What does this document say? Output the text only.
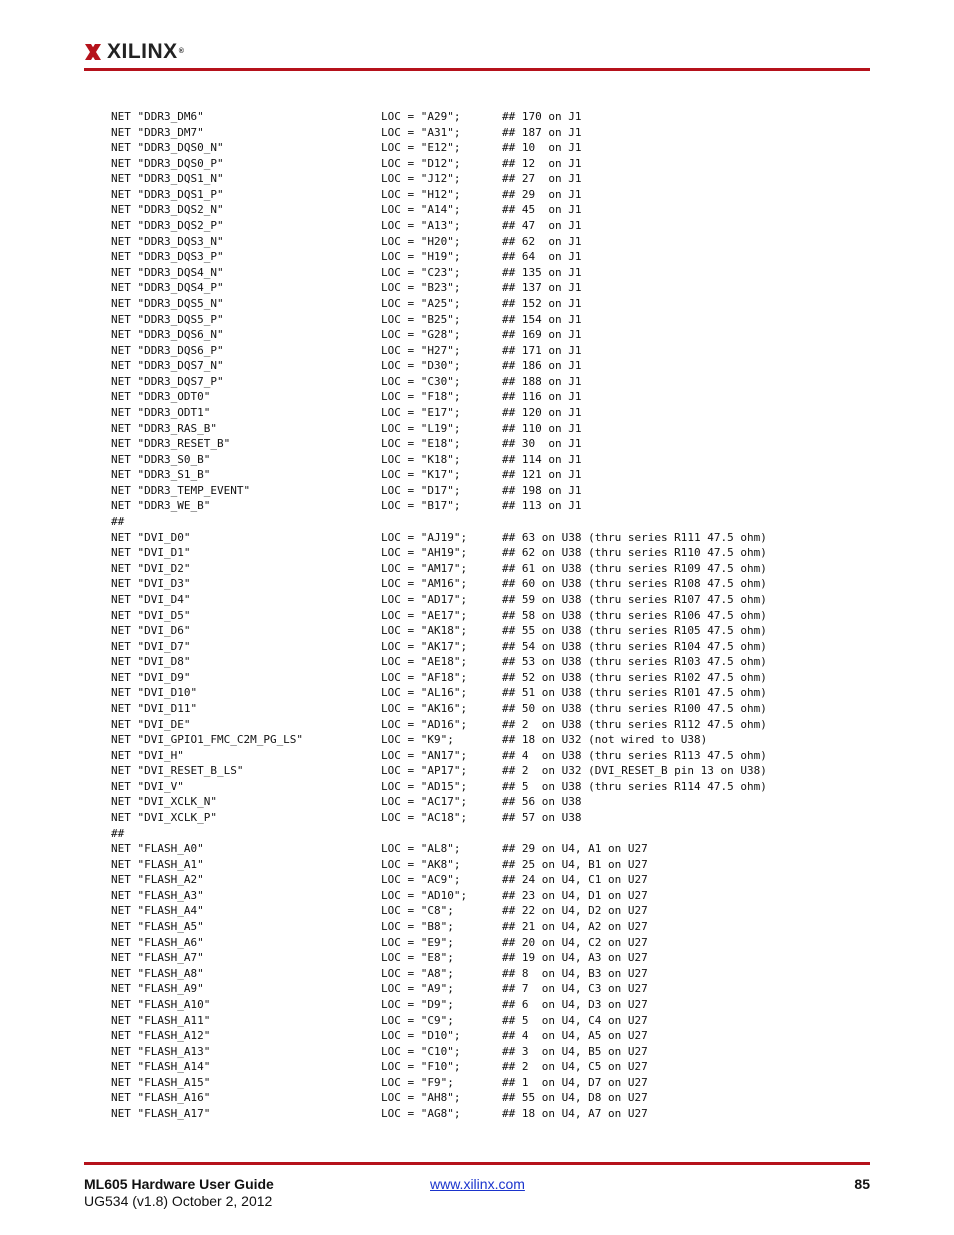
XILINX®
NET "DDR3_DM6"	LOC = "A29";	## 170 on J1
NET "DDR3_DM7"	LOC = "A31";	## 187 on J1
NET "DDR3_DQS0_N"	LOC = "E12";	## 10  on J1
NET "DDR3_DQS0_P"	LOC = "D12";	## 12  on J1
NET "DDR3_DQS1_N"	LOC = "J12";	## 27  on J1
NET "DDR3_DQS1_P"	LOC = "H12";	## 29  on J1
NET "DDR3_DQS2_N"	LOC = "A14";	## 45  on J1
NET "DDR3_DQS2_P"	LOC = "A13";	## 47  on J1
NET "DDR3_DQS3_N"	LOC = "H20";	## 62  on J1
NET "DDR3_DQS3_P"	LOC = "H19";	## 64  on J1
NET "DDR3_DQS4_N"	LOC = "C23";	## 135 on J1
NET "DDR3_DQS4_P"	LOC = "B23";	## 137 on J1
NET "DDR3_DQS5_N"	LOC = "A25";	## 152 on J1
NET "DDR3_DQS5_P"	LOC = "B25";	## 154 on J1
NET "DDR3_DQS6_N"	LOC = "G28";	## 169 on J1
NET "DDR3_DQS6_P"	LOC = "H27";	## 171 on J1
NET "DDR3_DQS7_N"	LOC = "D30";	## 186 on J1
NET "DDR3_DQS7_P"	LOC = "C30";	## 188 on J1
NET "DDR3_ODT0"	LOC = "F18";	## 116 on J1
NET "DDR3_ODT1"	LOC = "E17";	## 120 on J1
NET "DDR3_RAS_B"	LOC = "L19";	## 110 on J1
NET "DDR3_RESET_B"	LOC = "E18";	## 30  on J1
NET "DDR3_S0_B"	LOC = "K18";	## 114 on J1
NET "DDR3_S1_B"	LOC = "K17";	## 121 on J1
NET "DDR3_TEMP_EVENT"	LOC = "D17";	## 198 on J1
NET "DDR3_WE_B"	LOC = "B17";	## 113 on J1
##
NET "DVI_D0"	LOC = "AJ19";	## 63 on U38 (thru series R111 47.5 ohm)
NET "DVI_D1"	LOC = "AH19";	## 62 on U38 (thru series R110 47.5 ohm)
NET "DVI_D2"	LOC = "AM17";	## 61 on U38 (thru series R109 47.5 ohm)
NET "DVI_D3"	LOC = "AM16";	## 60 on U38 (thru series R108 47.5 ohm)
NET "DVI_D4"	LOC = "AD17";	## 59 on U38 (thru series R107 47.5 ohm)
NET "DVI_D5"	LOC = "AE17";	## 58 on U38 (thru series R106 47.5 ohm)
NET "DVI_D6"	LOC = "AK18";	## 55 on U38 (thru series R105 47.5 ohm)
NET "DVI_D7"	LOC = "AK17";	## 54 on U38 (thru series R104 47.5 ohm)
NET "DVI_D8"	LOC = "AE18";	## 53 on U38 (thru series R103 47.5 ohm)
NET "DVI_D9"	LOC = "AF18";	## 52 on U38 (thru series R102 47.5 ohm)
NET "DVI_D10"	LOC = "AL16";	## 51 on U38 (thru series R101 47.5 ohm)
NET "DVI_D11"	LOC = "AK16";	## 50 on U38 (thru series R100 47.5 ohm)
NET "DVI_DE"	LOC = "AD16";	## 2  on U38 (thru series R112 47.5 ohm)
NET "DVI_GPIO1_FMC_C2M_PG_LS"	LOC = "K9";	## 18 on U32 (not wired to U38)
NET "DVI_H"	LOC = "AN17";	## 4  on U38 (thru series R113 47.5 ohm)
NET "DVI_RESET_B_LS"	LOC = "AP17";	## 2  on U32 (DVI_RESET_B pin 13 on U38)
NET "DVI_V"	LOC = "AD15";	## 5  on U38 (thru series R114 47.5 ohm)
NET "DVI_XCLK_N"	LOC = "AC17";	## 56 on U38
NET "DVI_XCLK_P"	LOC = "AC18";	## 57 on U38
##
NET "FLASH_A0"	LOC = "AL8";	## 29 on U4, A1 on U27
NET "FLASH_A1"	LOC = "AK8";	## 25 on U4, B1 on U27
NET "FLASH_A2"	LOC = "AC9";	## 24 on U4, C1 on U27
NET "FLASH_A3"	LOC = "AD10";	## 23 on U4, D1 on U27
NET "FLASH_A4"	LOC = "C8";	## 22 on U4, D2 on U27
NET "FLASH_A5"	LOC = "B8";	## 21 on U4, A2 on U27
NET "FLASH_A6"	LOC = "E9";	## 20 on U4, C2 on U27
NET "FLASH_A7"	LOC = "E8";	## 19 on U4, A3 on U27
NET "FLASH_A8"	LOC = "A8";	## 8  on U4, B3 on U27
NET "FLASH_A9"	LOC = "A9";	## 7  on U4, C3 on U27
NET "FLASH_A10"	LOC = "D9";	## 6  on U4, D3 on U27
NET "FLASH_A11"	LOC = "C9";	## 5  on U4, C4 on U27
NET "FLASH_A12"	LOC = "D10";	## 4  on U4, A5 on U27
NET "FLASH_A13"	LOC = "C10";	## 3  on U4, B5 on U27
NET "FLASH_A14"	LOC = "F10";	## 2  on U4, C5 on U27
NET "FLASH_A15"	LOC = "F9";	## 1  on U4, D7 on U27
NET "FLASH_A16"	LOC = "AH8";	## 55 on U4, D8 on U27
NET "FLASH_A17"	LOC = "AG8";	## 18 on U4, A7 on U27
ML605 Hardware User Guide
UG534 (v1.8) October 2, 2012
www.xilinx.com	85
